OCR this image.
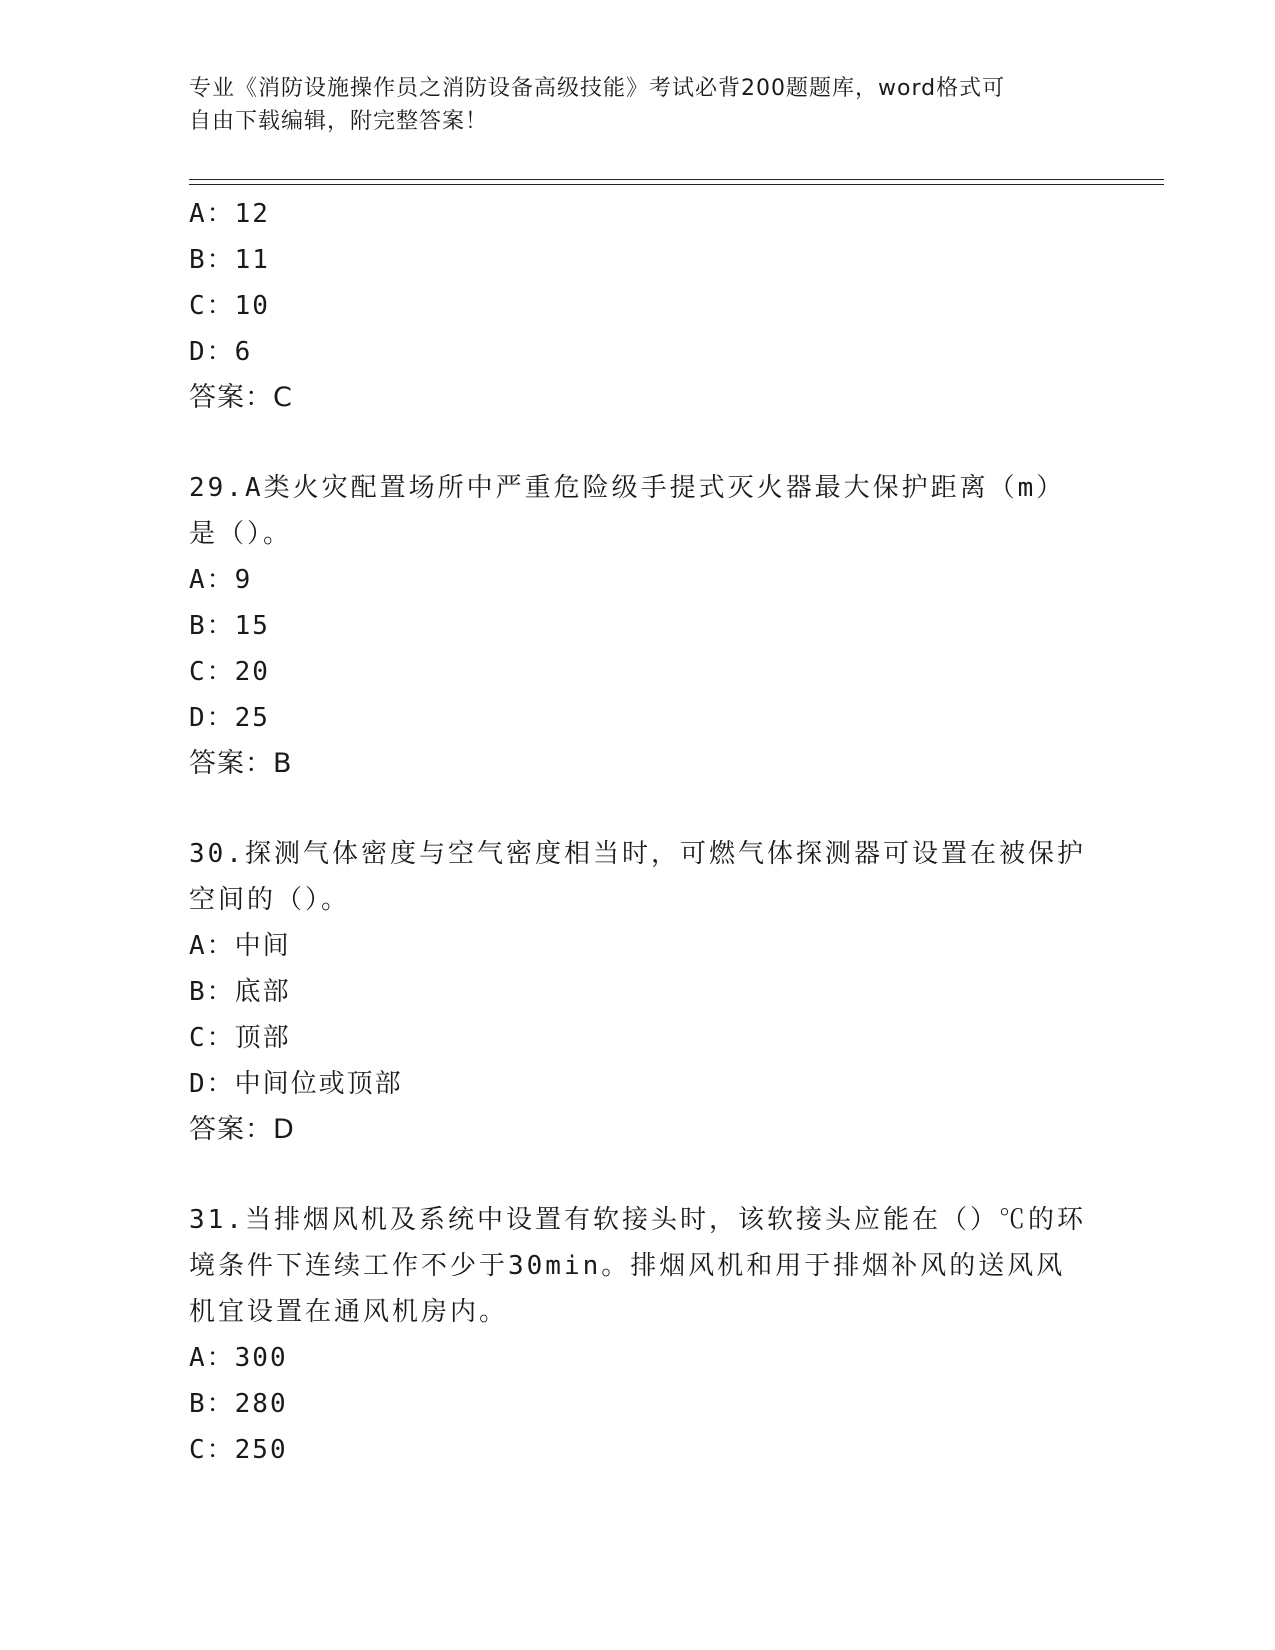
专业《消防设施操作员之消防设备高级技能》考试必背200题题库，word格式可
自由下载编辑，附完整答案！
A：12
B：11
C：10
D：6
答案：C
29.A类火灾配置场所中严重危险级手提式灭火器最大保护距离（m）是（）。
A：9
B：15
C：20
D：25
答案：B
30.探测气体密度与空气密度相当时，可燃气体探测器可设置在被保护空间的（）。
A：中间
B：底部
C：顶部
D：中间位或顶部
答案：D
31.当排烟风机及系统中设置有软接头时，该软接头应能在（）℃的环境条件下连续工作不少于30min。排烟风机和用于排烟补风的送风风机宜设置在通风机房内。
A：300
B：280
C：250
